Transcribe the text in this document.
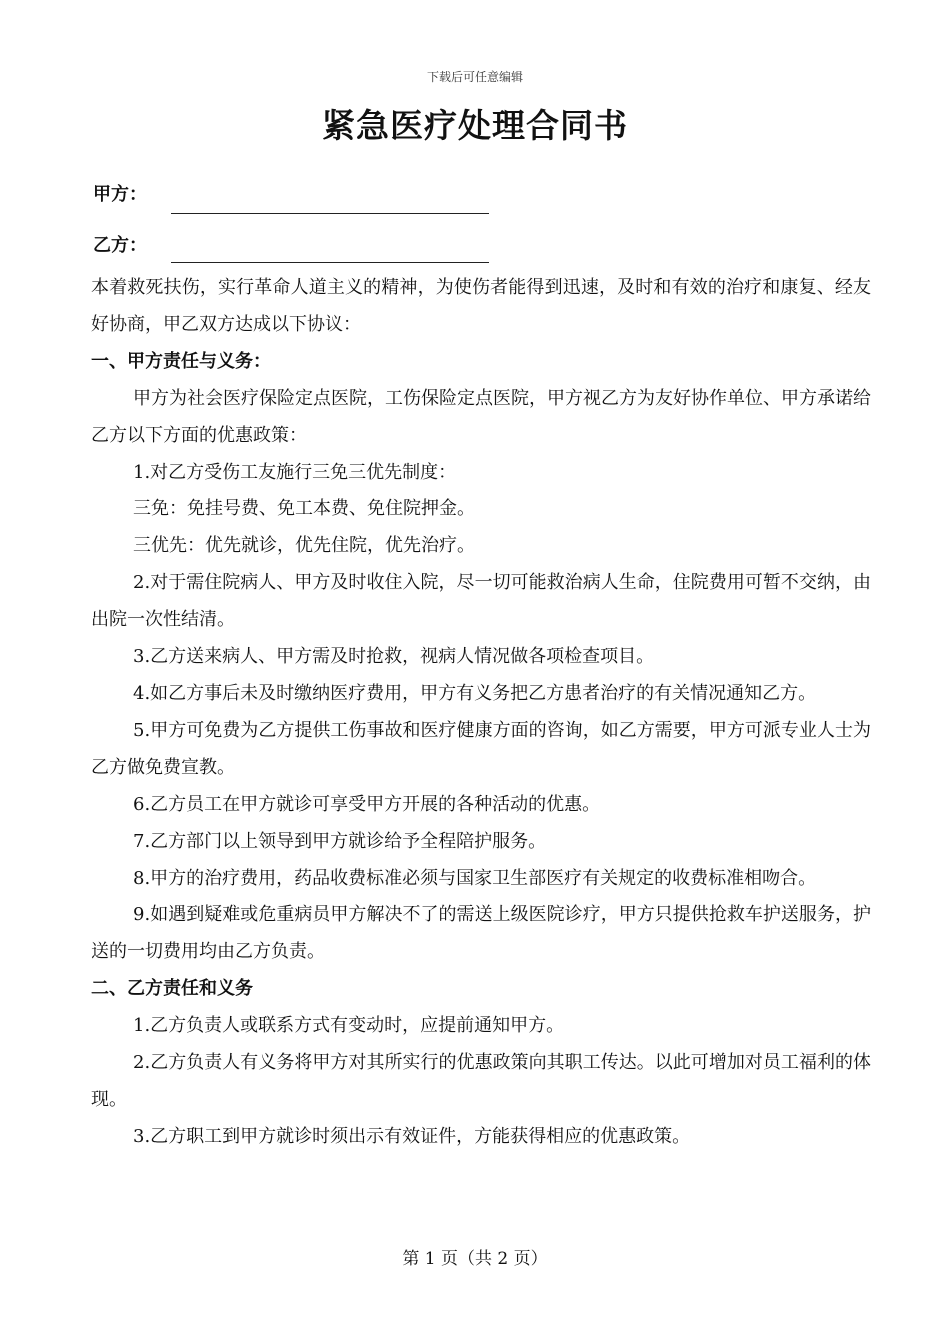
下载后可任意编辑
紧急医疗处理合同书
甲方：
乙方：

本着救死扶伤，实行革命人道主义的精神，为使伤者能得到迅速，及时和有效的治疗和康复、经友好协商，甲乙双方达成以下协议：

一、甲方责任与义务：

甲方为社会医疗保险定点医院，工伤保险定点医院，甲方视乙方为友好协作单位、甲方承诺给乙方以下方面的优惠政策：

1.对乙方受伤工友施行三免三优先制度：

三免：免挂号费、免工本费、免住院押金。

三优先：优先就诊，优先住院，优先治疗。

2.对于需住院病人、甲方及时收住入院，尽一切可能救治病人生命，住院费用可暂不交纳，由出院一次性结清。

3.乙方送来病人、甲方需及时抢救，视病人情况做各项检查项目。

4.如乙方事后未及时缴纳医疗费用，甲方有义务把乙方患者治疗的有关情况通知乙方。

5.甲方可免费为乙方提供工伤事故和医疗健康方面的咨询，如乙方需要，甲方可派专业人士为乙方做免费宣教。

6.乙方员工在甲方就诊可享受甲方开展的各种活动的优惠。

7.乙方部门以上领导到甲方就诊给予全程陪护服务。

8.甲方的治疗费用，药品收费标准必须与国家卫生部医疗有关规定的收费标准相吻合。

9.如遇到疑难或危重病员甲方解决不了的需送上级医院诊疗，甲方只提供抢救车护送服务，护送的一切费用均由乙方负责。

二、乙方责任和义务

1.乙方负责人或联系方式有变动时，应提前通知甲方。

2.乙方负责人有义务将甲方对其所实行的优惠政策向其职工传达。以此可增加对员工福利的体现。

3.乙方职工到甲方就诊时须出示有效证件，方能获得相应的优惠政策。

第 1 页（共 2 页）
